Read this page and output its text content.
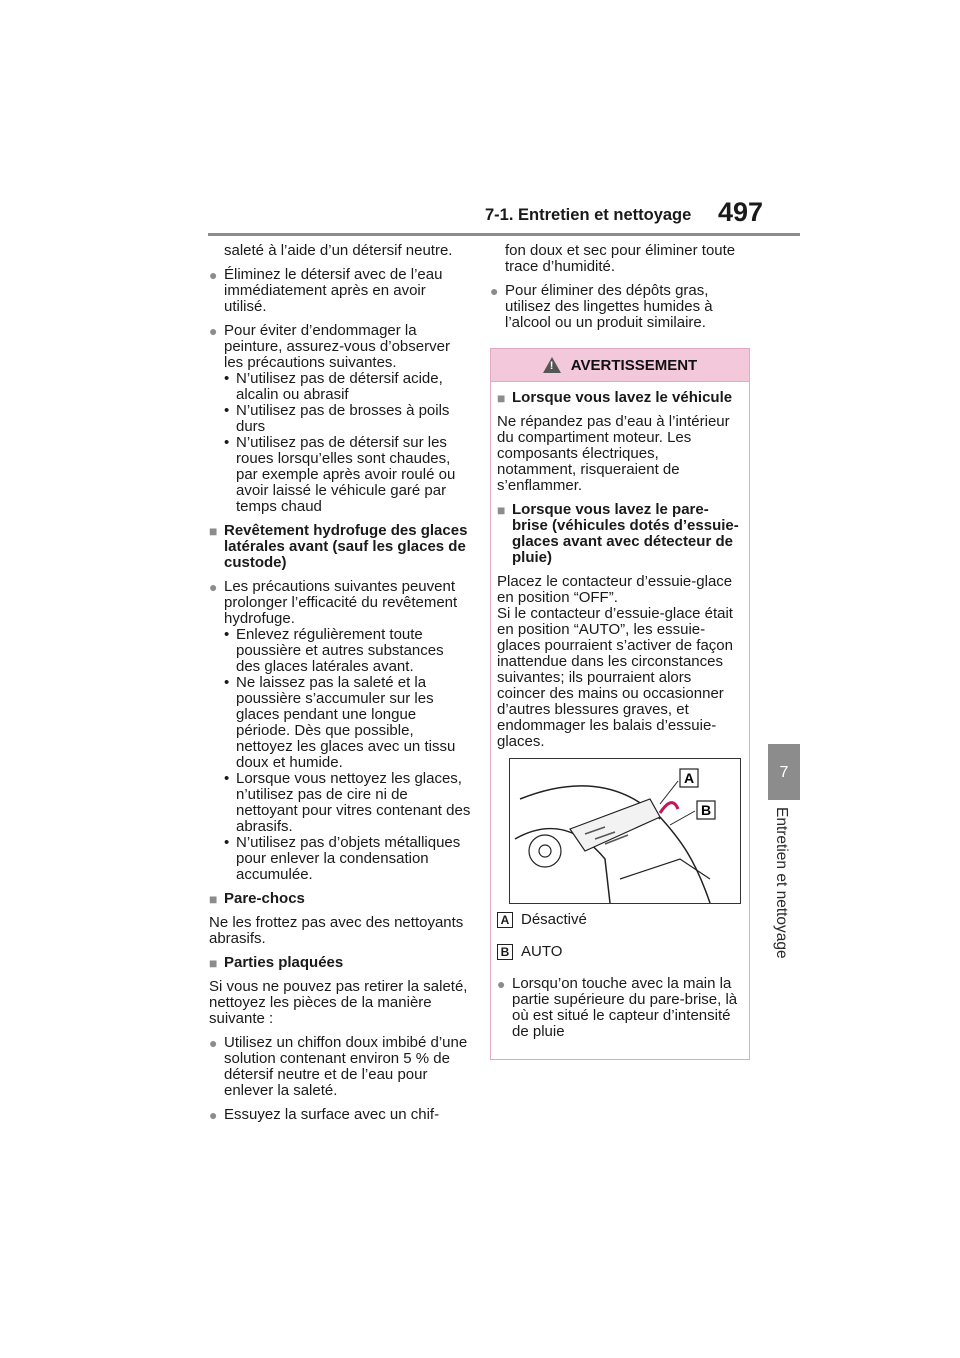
7-1. Entretien et nettoyage 497
7
Entretien et nettoyage

saleté à l’aide d’un détersif neutre.

● Éliminez le détersif avec de l’eau immédiatement après en avoir utilisé.
● Pour éviter d’endommager la peinture, assurez-vous d’observer les précautions suivantes.
• N’utilisez pas de détersif acide, alcalin ou abrasif
• N’utilisez pas de brosses à poils durs
• N’utilisez pas de détersif sur les roues lorsqu’elles sont chaudes, par exemple après avoir roulé ou avoir laissé le véhicule garé par temps chaud
■ Revêtement hydrofuge des glaces latérales avant (sauf les glaces de custode)
● Les précautions suivantes peuvent prolonger l’efficacité du revêtement hydrofuge.
• Enlevez régulièrement toute poussière et autres substances des glaces latérales avant.
• Ne laissez pas la saleté et la poussière s’accumuler sur les glaces pendant une longue période. Dès que possible, nettoyez les glaces avec un tissu doux et humide.
• Lorsque vous nettoyez les glaces, n’utilisez pas de cire ni de nettoyant pour vitres contenant des abrasifs.
• N’utilisez pas d’objets métalliques pour enlever la condensation accumulée.
■ Pare-chocs

Ne les frottez pas avec des nettoyants abrasifs.

■ Parties plaquées

Si vous ne pouvez pas retirer la saleté, nettoyez les pièces de la manière suivante :

● Utilisez un chiffon doux imbibé d’une solution contenant environ 5 % de détersif neutre et de l’eau pour enlever la saleté.
● Essuyez la surface avec un chif-

fon doux et sec pour éliminer toute trace d’humidité.

● Pour éliminer des dépôts gras, utilisez des lingettes humides à l’alcool ou un produit similaire.
! AVERTISSEMENT
■ Lorsque vous lavez le véhicule

Ne répandez pas d’eau à l’intérieur du compartiment moteur. Les composants électriques, notamment, risqueraient de s’enflammer.

■ Lorsque vous lavez le pare-brise (véhicules dotés d’essuie-glaces avant avec détecteur de pluie)

Placez le contacteur d’essuie-glace en position “OFF”.

Si le contacteur d’essuie-glace était en position “AUTO”, les essuie-glaces pourraient s’activer de façon inattendue dans les circonstances suivantes; ils pourraient alors coincer des mains ou occasionner d’autres blessures graves, et endommager les balais d’essuie-glaces.

A
B
A Désactivé
B AUTO
● Lorsqu’on touche avec la main la partie supérieure du pare-brise, là où est situé le capteur d’intensité de pluie
